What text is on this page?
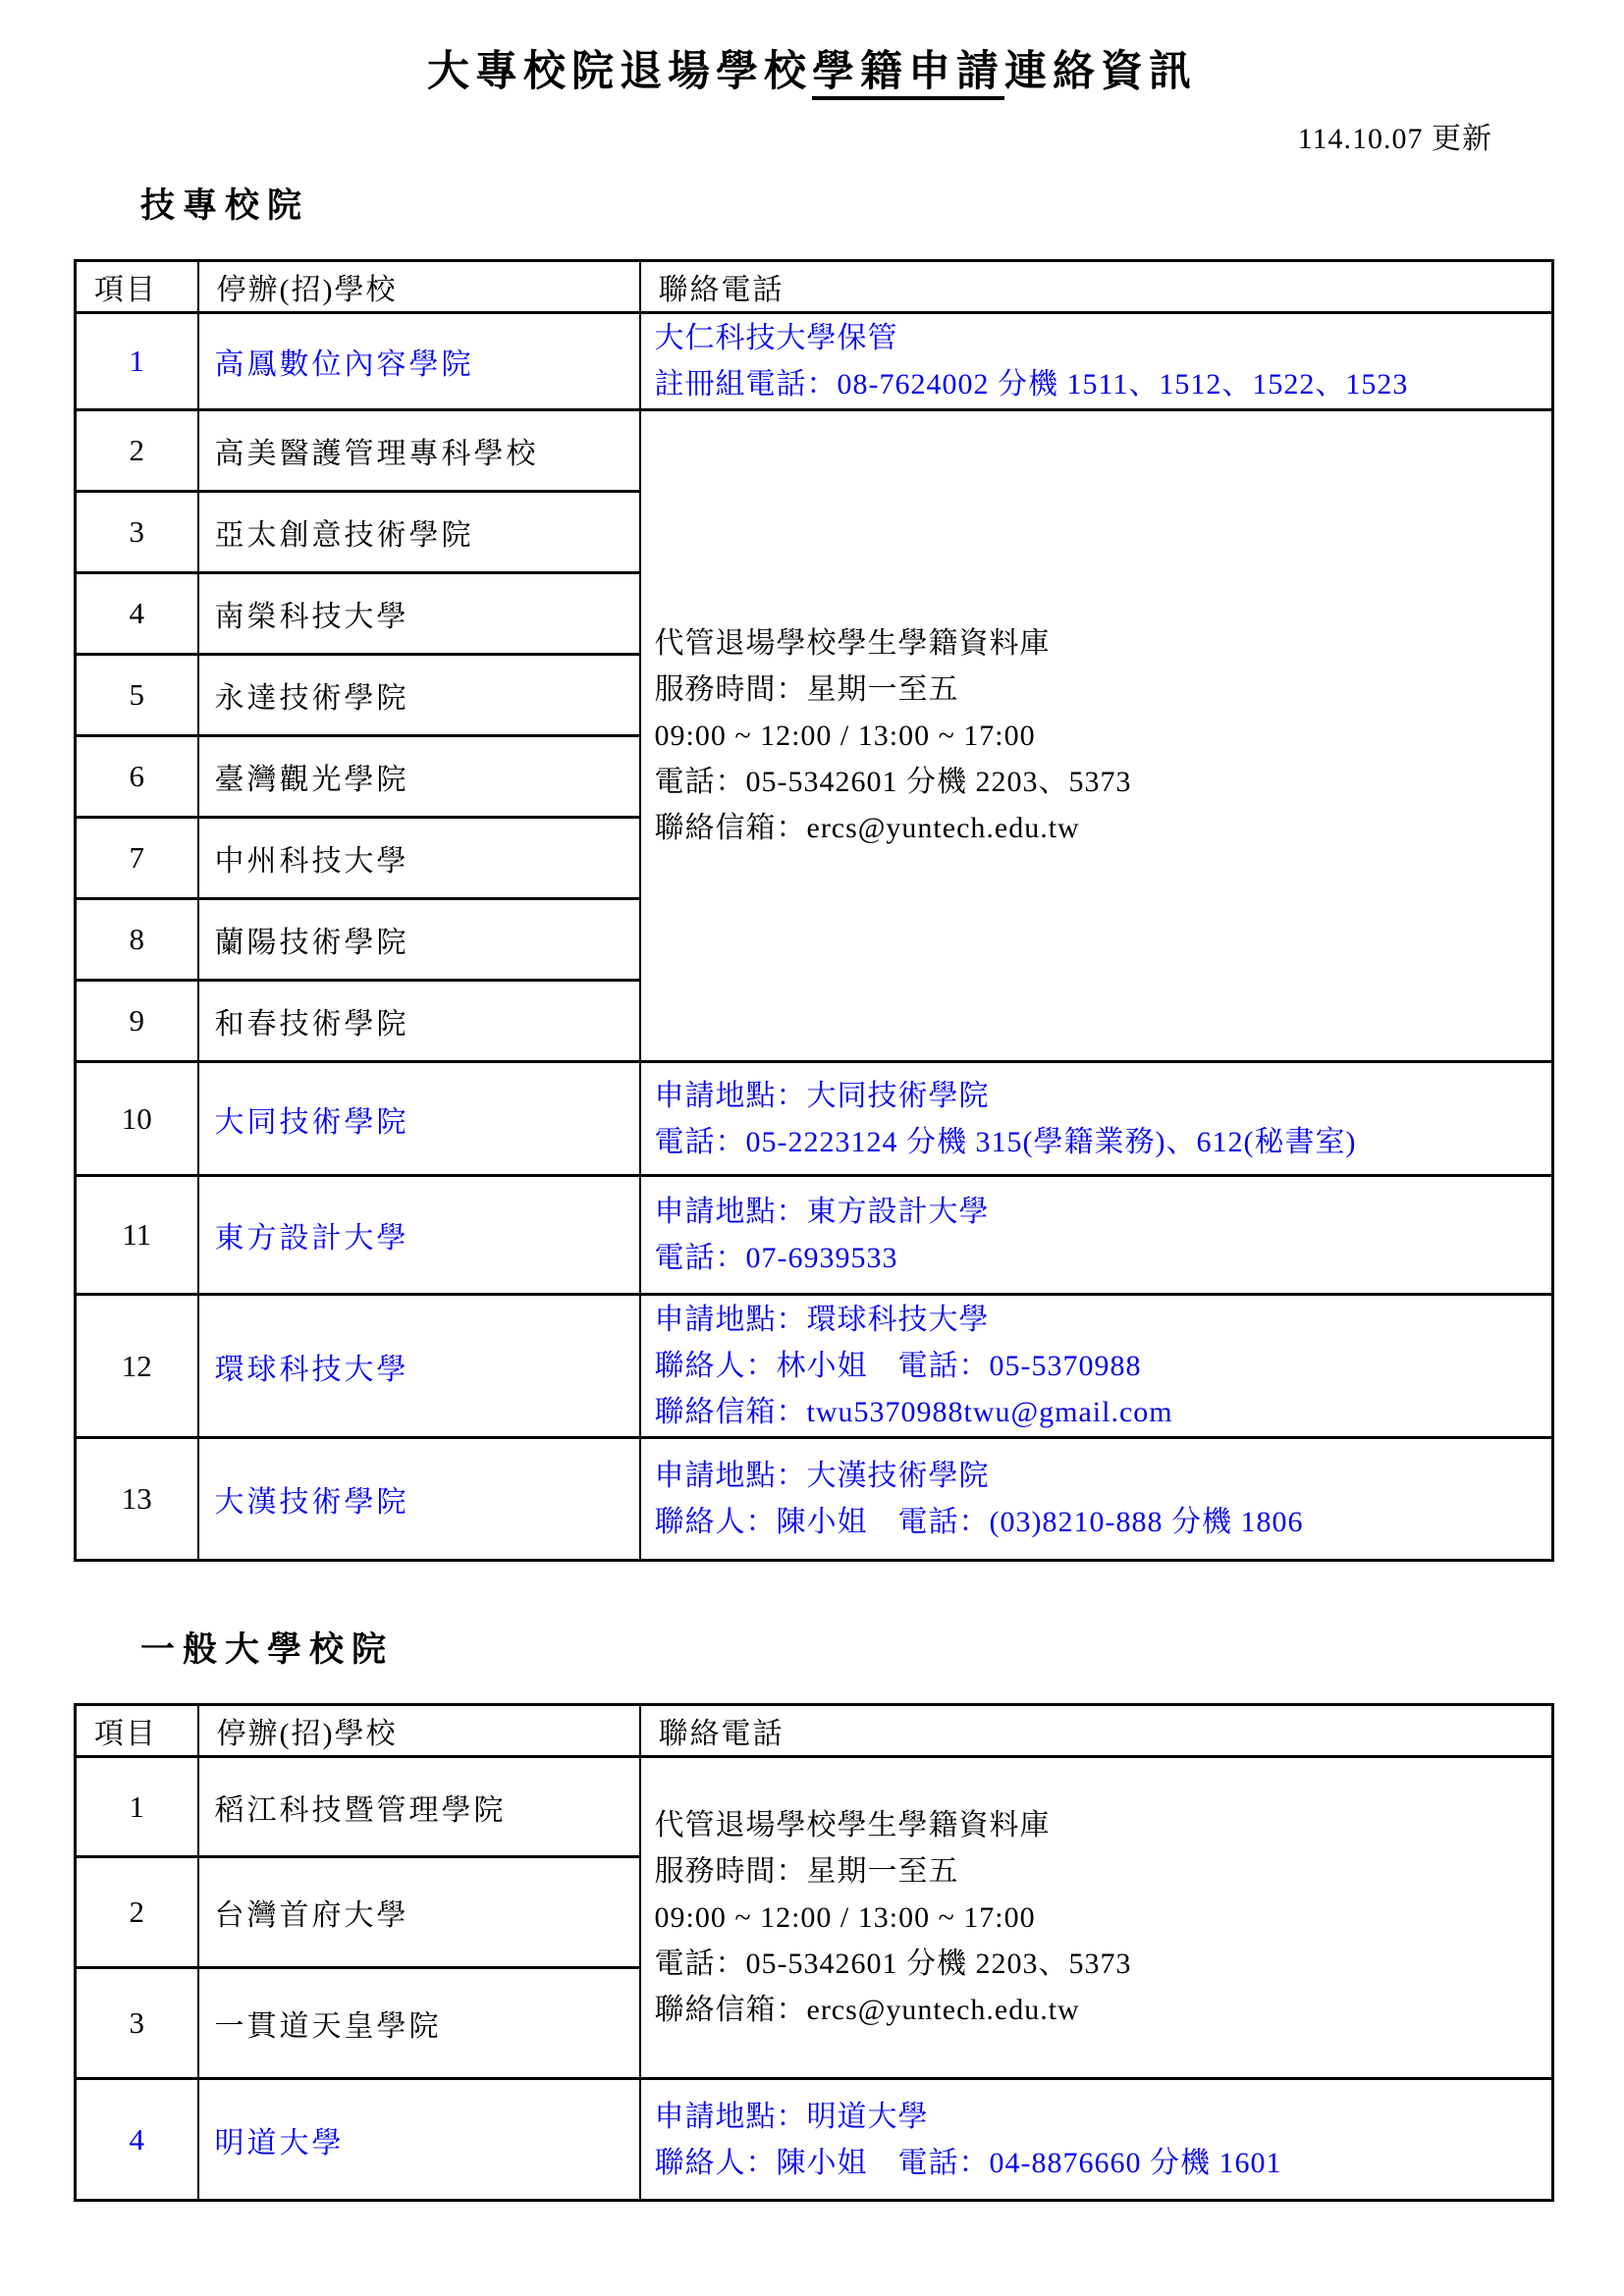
大專校院退場學校學籍申請連絡資訊
114.10.07 更新
技專校院
項目	停辦(招)學校	聯絡電話
1	高鳳數位內容學院	大仁科技大學保管
註冊組電話：08-7624002 分機 1511、1512、1522、1523

2	高美醫護管理專科學校	代管退場學校學生學籍資料庫
服務時間：星期一至五
09:00 ~ 12:00 / 13:00 ~ 17:00
電話：05-5342601 分機 2203、5373
聯絡信箱：ercs@yuntech.edu.tw

3	亞太創意技術學院	
4	南榮科技大學	
5	永達技術學院	
6	臺灣觀光學院	
7	中州科技大學	
8	蘭陽技術學院	
9	和春技術學院	
10	大同技術學院	申請地點：大同技術學院
電話：05-2223124 分機 315(學籍業務)、612(秘書室)

11	東方設計大學	申請地點：東方設計大學
電話：07-6939533

12	環球科技大學	申請地點：環球科技大學
聯絡人：林小姐　電話：05-5370988
聯絡信箱：twu5370988twu@gmail.com

13	大漢技術學院	申請地點：大漢技術學院
聯絡人：陳小姐　電話：(03)8210-888 分機 1806
一般大學校院
項目	停辦(招)學校	聯絡電話
1	稻江科技暨管理學院	代管退場學校學生學籍資料庫
服務時間：星期一至五
09:00 ~ 12:00 / 13:00 ~ 17:00
電話：05-5342601 分機 2203、5373
聯絡信箱：ercs@yuntech.edu.tw

2	台灣首府大學	
3	一貫道天皇學院	
4	明道大學	申請地點：明道大學
聯絡人：陳小姐　電話：04-8876660 分機 1601
